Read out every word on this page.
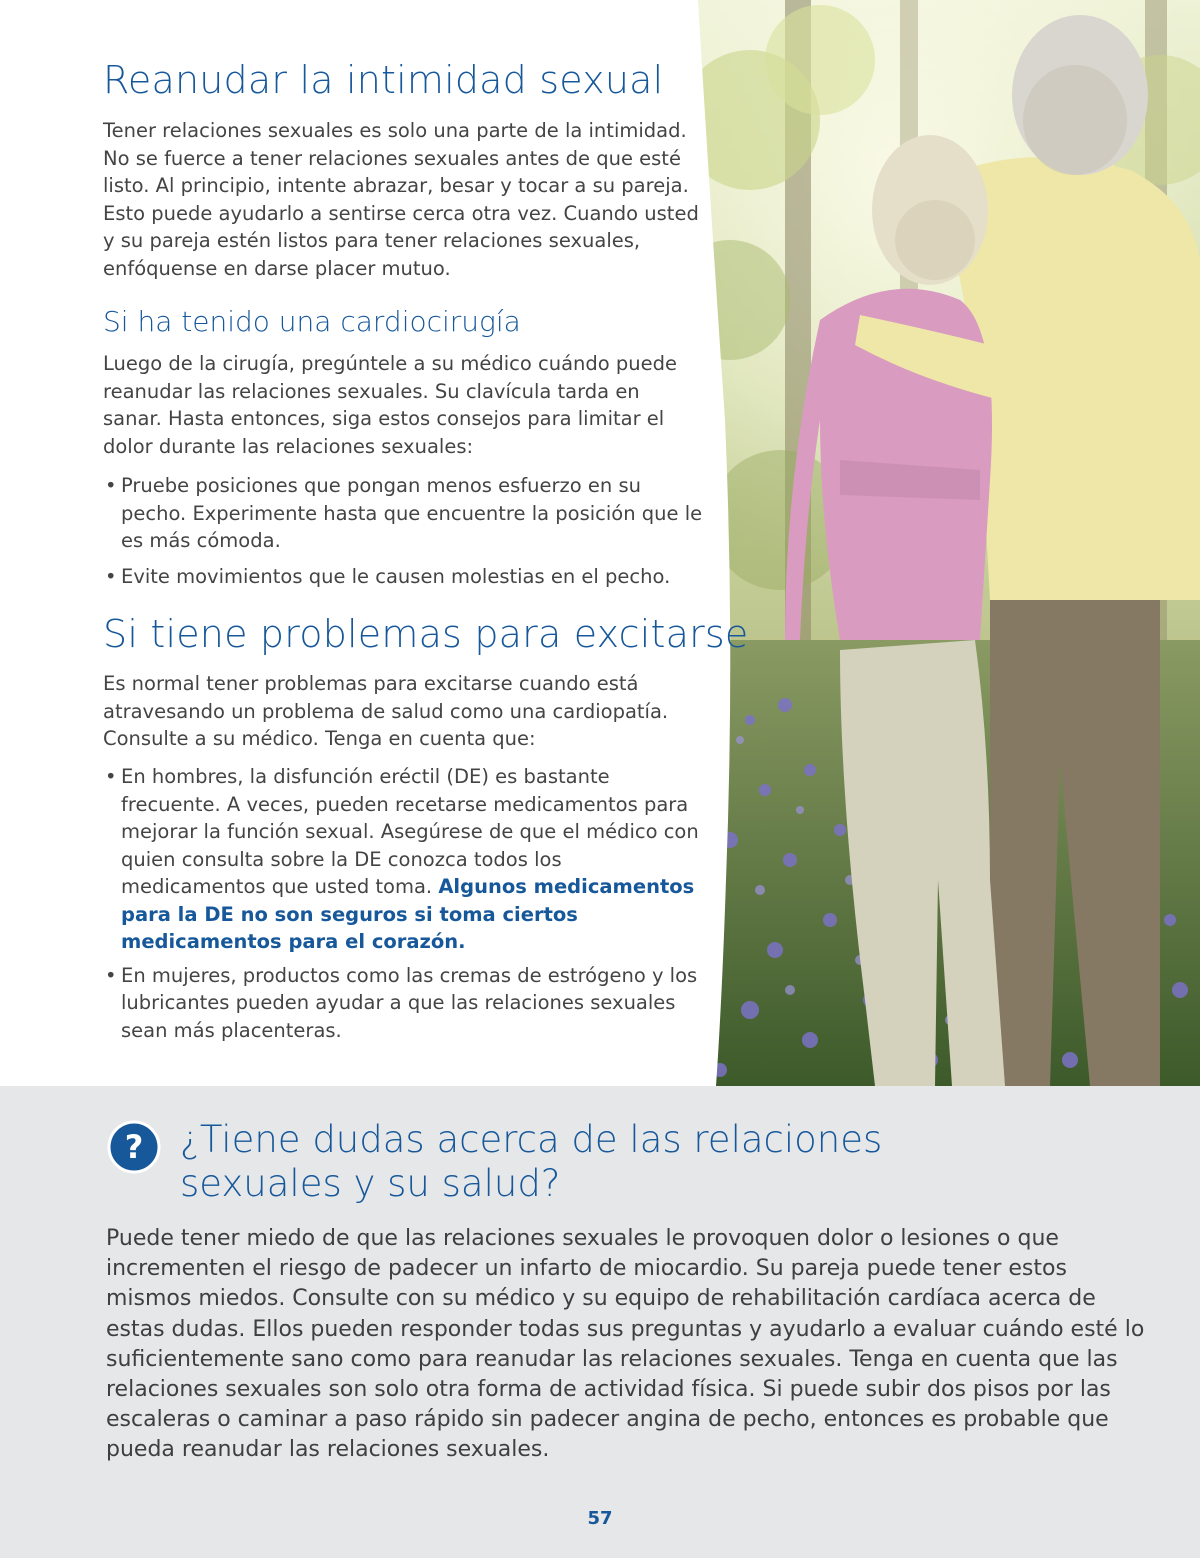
Reanudar la intimidad sexual

Tener relaciones sexuales es solo una parte de la intimidad. No se fuerce a tener relaciones sexuales antes de que esté listo. Al principio, intente abrazar, besar y tocar a su pareja. Esto puede ayudarlo a sentirse cerca otra vez. Cuando usted y su pareja estén listos para tener relaciones sexuales, enfóquense en darse placer mutuo.

Si ha tenido una cardiocirugía

Luego de la cirugía, pregúntele a su médico cuándo puede reanudar las relaciones sexuales. Su clavícula tarda en sanar. Hasta entonces, siga estos consejos para limitar el dolor durante las relaciones sexuales:

• Pruebe posiciones que pongan menos esfuerzo en su pecho. Experimente hasta que encuentre la posición que le es más cómoda.
• Evite movimientos que le causen molestias en el pecho.
Si tiene problemas para excitarse

Es normal tener problemas para excitarse cuando está atravesando un problema de salud como una cardiopatía. Consulte a su médico. Tenga en cuenta que:

• En hombres, la disfunción eréctil (DE) es bastante frecuente. A veces, pueden recetarse medicamentos para mejorar la función sexual. Asegúrese de que el médico con quien consulta sobre la DE conozca todos los medicamentos que usted toma. Algunos medicamentos para la DE no son seguros si toma ciertos medicamentos para el corazón.
• En mujeres, productos como las cremas de estrógeno y los lubricantes pueden ayudar a que las relaciones sexuales sean más placenteras.
? ¿Tiene dudas acerca de las relaciones
sexuales y su salud?

Puede tener miedo de que las relaciones sexuales le provoquen dolor o lesiones o que incrementen el riesgo de padecer un infarto de miocardio. Su pareja puede tener estos mismos miedos. Consulte con su médico y su equipo de rehabilitación cardíaca acerca de estas dudas. Ellos pueden responder todas sus preguntas y ayudarlo a evaluar cuándo esté lo suficientemente sano como para reanudar las relaciones sexuales. Tenga en cuenta que las relaciones sexuales son solo otra forma de actividad física. Si puede subir dos pisos por las escaleras o caminar a paso rápido sin padecer angina de pecho, entonces es probable que pueda reanudar las relaciones sexuales.

57
